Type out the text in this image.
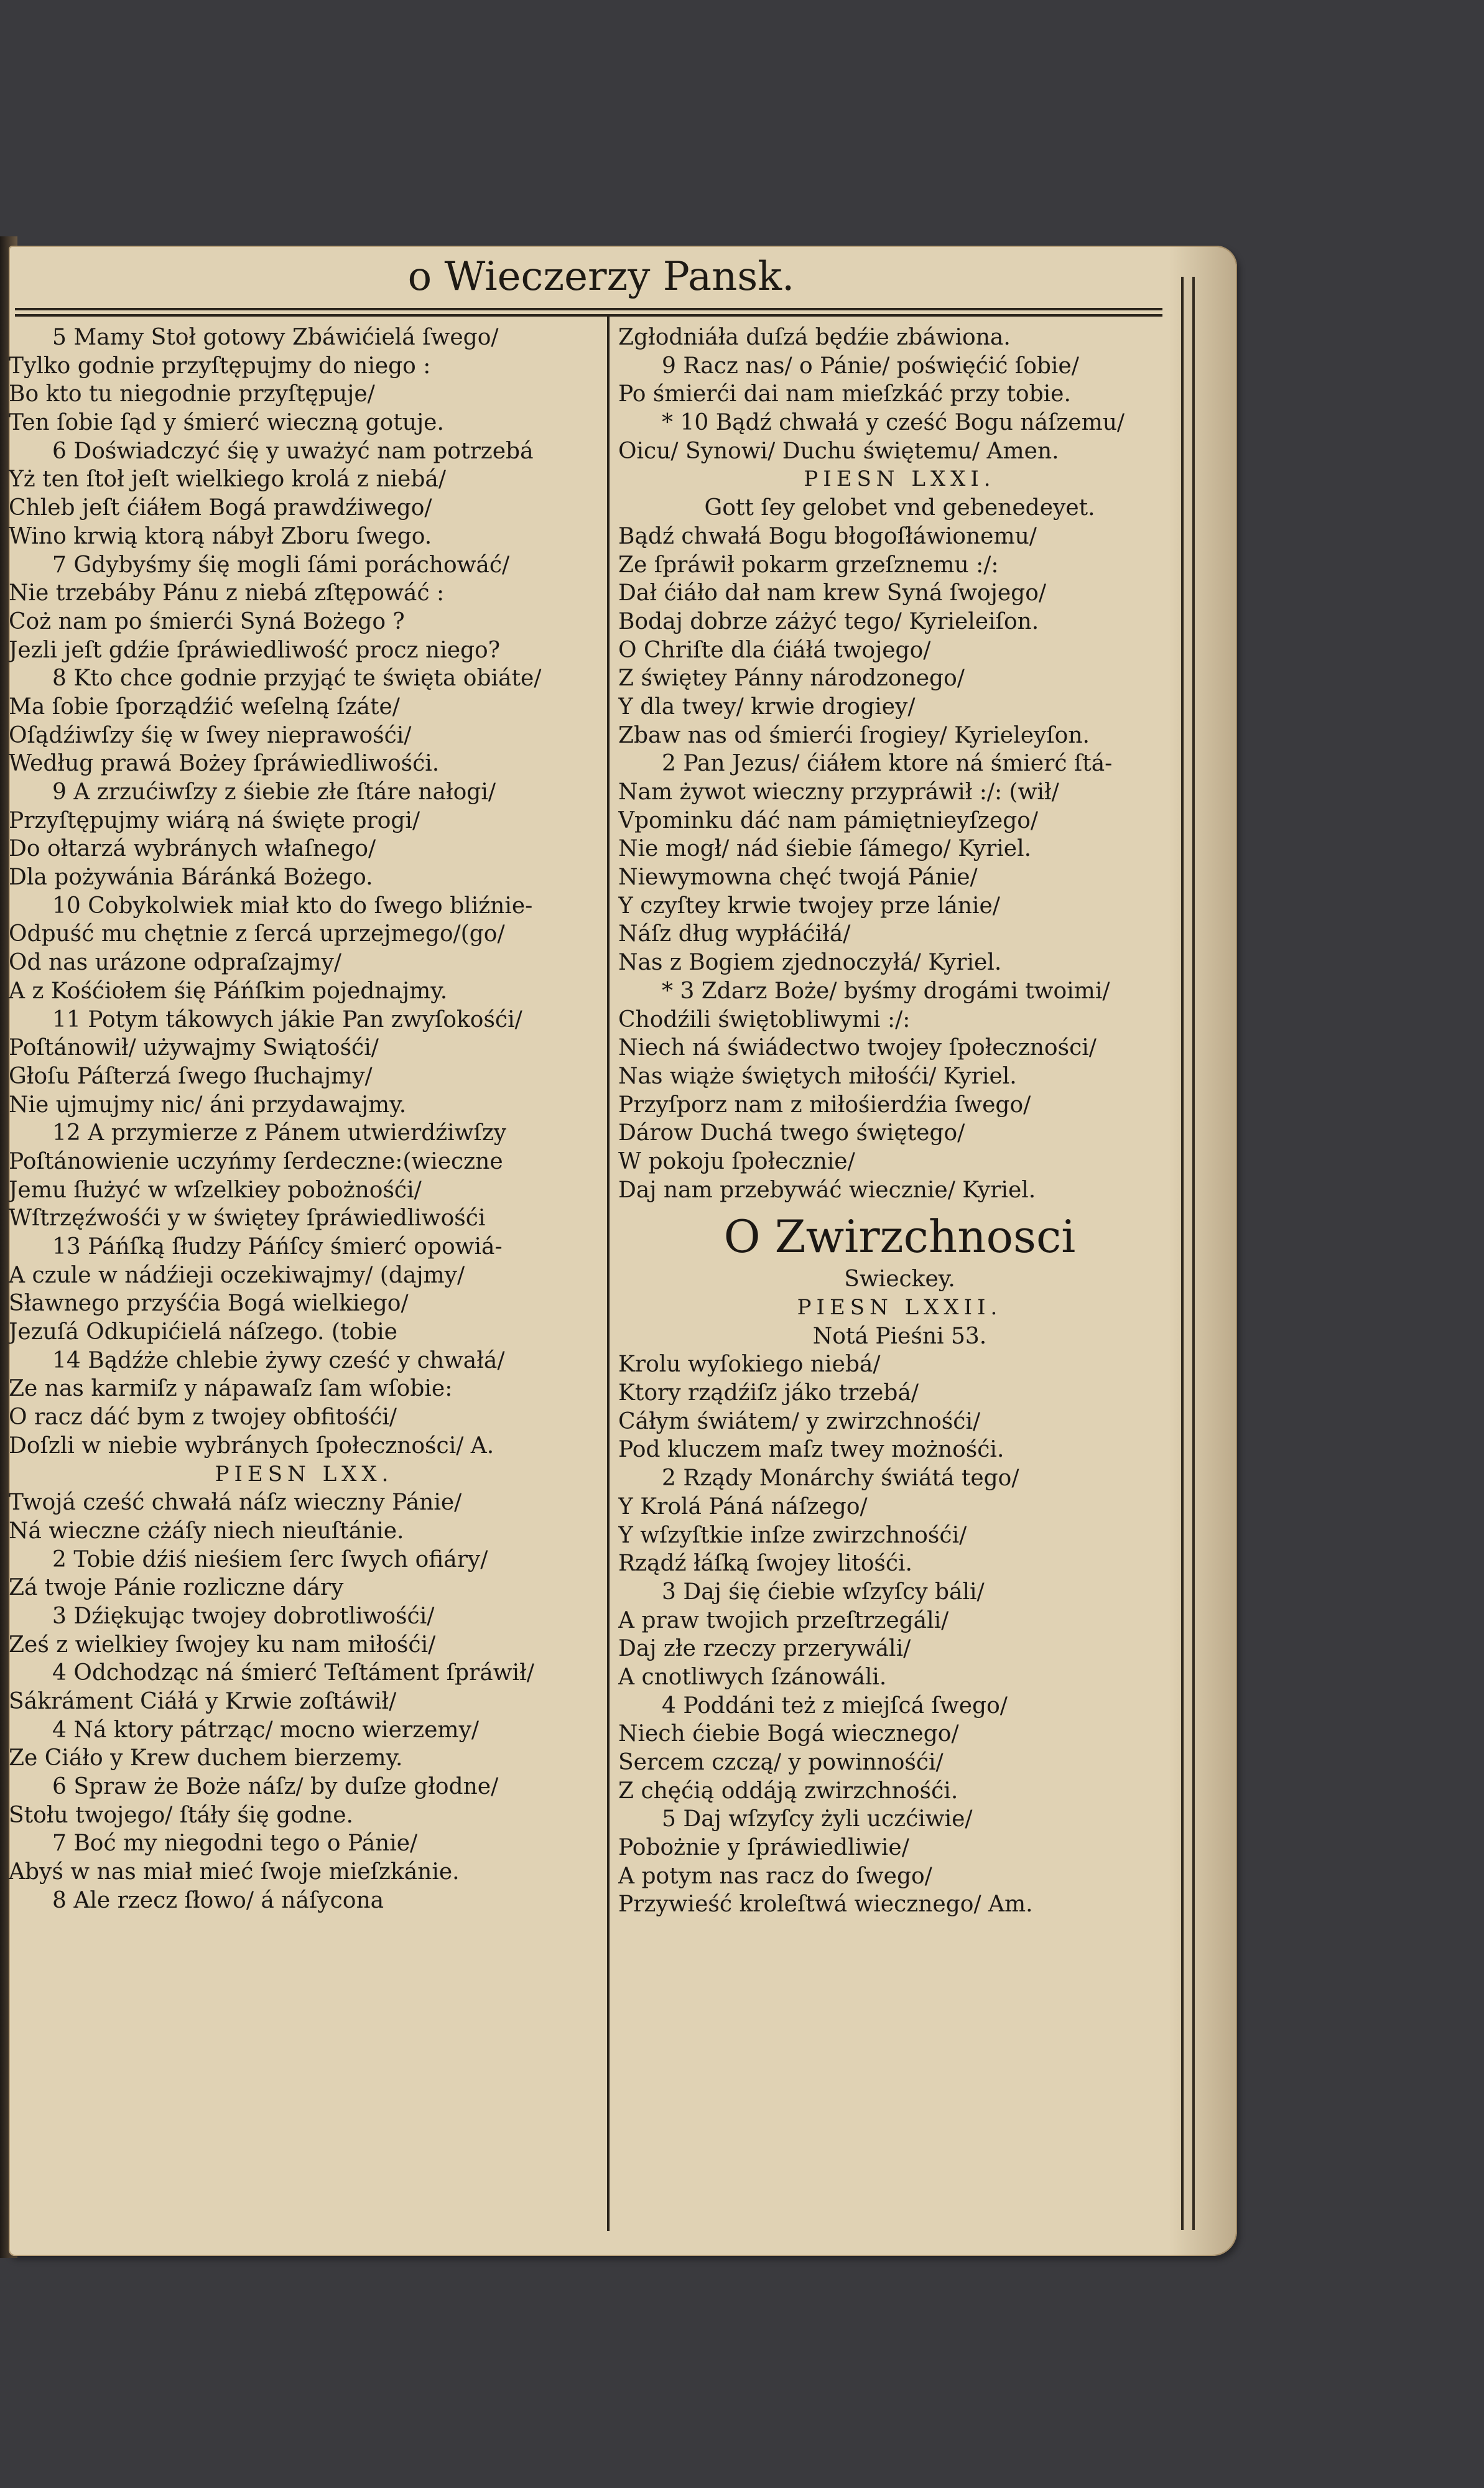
o Wieczerzy Pansk.
5 Mamy Stoł gotowy Zbáwićielá ſwego/
Tylko godnie przyſtępujmy do niego :
Bo kto tu niegodnie przyſtępuje/
Ten ſobie ſąd y śmierć wieczną gotuje.
6 Doświadczyć śię y uważyć nam potrzebá
Yż ten ſtoł jeſt wielkiego krolá z niebá/
Chleb jeſt ćiáłem Bogá prawdźiwego/
Wino krwią ktorą nábył Zboru ſwego.
7 Gdybyśmy śię mogli ſámi poráchowáć/
Nie trzebáby Pánu z niebá zſtępowáć :
Coż nam po śmierći Syná Bożego ?
Jezli jeſt gdźie ſpráwiedliwość procz niego?
8 Kto chce godnie przyjąć te święta obiáte/
Ma ſobie ſporządźić weſelną ſzáte/
Oſądźiwſzy śię w ſwey nieprawośći/
Według prawá Bożey ſpráwiedliwośći.
9 A zrzućiwſzy z śiebie złe ſtáre nałogi/
Przyſtępujmy wiárą ná święte progi/
Do ołtarzá wybránych właſnego/
Dla pożywánia Báránká Bożego.
10 Cobykolwiek miał kto do ſwego bliźnie-
Odpuść mu chętnie z ſercá uprzejmego/(go/
Od nas urázone odpraſzajmy/
A z Kośćiołem śię Páńſkim pojednajmy.
11 Potym tákowych jákie Pan zwyſokośći/
Poſtánowił/ używajmy Swiątośći/
Głoſu Páſterzá ſwego ſłuchajmy/
Nie ujmujmy nic/ áni przydawajmy.
12 A przymierze z Pánem utwierdźiwſzy
Poſtánowienie uczyńmy ſerdeczne:(wieczne
Jemu ſłużyć w wſzelkiey pobożnośći/
Wſtrzęźwośći y w świętey ſpráwiedliwośći
13 Páńſką ſłudzy Páńſcy śmierć opowiá-
A czule w nádźieji oczekiwajmy/ (dajmy/
Sławnego przyśćia Bogá wielkiego/
Jezuſá Odkupićielá náſzego. (tobie
14 Bądźże chlebie żywy cześć y chwałá/
Ze nas karmiſz y nápawaſz ſam wſobie:
O racz dáć bym z twojey obfitośći/
Doſzli w niebie wybránych ſpołeczności/ A.
PIESN LXX.
Twojá cześć chwałá náſz wieczny Pánie/
Ná wieczne cżáſy niech nieuſtánie.
2 Tobie dźiś nieśiem ſerc ſwych ofiáry/
Zá twoje Pánie rozliczne dáry
3 Dźiękując twojey dobrotliwośći/
Ześ z wielkiey ſwojey ku nam miłośći/
4 Odchodząc ná śmierć Teſtáment ſpráwił/
Sákráment Ciáłá y Krwie zoſtáwił/
4 Ná ktory pátrząc/ mocno wierzemy/
Ze Ciáło y Krew duchem bierzemy.
6 Spraw że Boże náſz/ by duſze głodne/
Stołu twojego/ ſtáły śię godne.
7 Boć my niegodni tego o Pánie/
Abyś w nas miał mieć ſwoje mieſzkánie.
8 Ale rzecz ſłowo/ á náſycona
Zgłodniáła duſzá będźie zbáwiona.
9 Racz nas/ o Pánie/ poświęćić ſobie/
Po śmierći dai nam mieſzkáć przy tobie.
* 10 Bądź chwałá y cześć Bogu náſzemu/
Oicu/ Synowi/ Duchu świętemu/ Amen.
PIESN LXXI.
Gott ſey gelobet vnd gebenedeyet.
Bądź chwałá Bogu błogoſłáwionemu/
Ze ſpráwił pokarm grzeſznemu :/:
Dał ćiáło dał nam krew Syná ſwojego/
Bodaj dobrze záżyć tego/ Kyrieleiſon.
O Chriſte dla ćiáłá twojego/
Z świętey Pánny národzonego/
Y dla twey/ krwie drogiey/
Zbaw nas od śmierći ſrogiey/ Kyrieleyſon.
2 Pan Jezus/ ćiáłem ktore ná śmierć ſtá-
Nam żywot wieczny przypráwił :/: (wił/
Vpominku dáć nam pámiętnieyſzego/
Nie mogł/ nád śiebie ſámego/ Kyriel.
Niewymowna chęć twojá Pánie/
Y czyſtey krwie twojey prze lánie/
Náſz dług wypłáćiłá/
Nas z Bogiem zjednoczyłá/ Kyriel.
* 3 Zdarz Boże/ byśmy drogámi twoimi/
Chodźili świętobliwymi :/:
Niech ná świádectwo twojey ſpołeczności/
Nas wiąże świętych miłośći/ Kyriel.
Przyſporz nam z miłośierdźia ſwego/
Dárow Duchá twego świętego/
W pokoju ſpołecznie/
Daj nam przebywáć wiecznie/ Kyriel.
O Zwirzchnosci
Swieckey.
PIESN LXXII.
Notá Pieśni 53.
Krolu wyſokiego niebá/
Ktory rządźiſz jáko trzebá/
Cáłym świátem/ y zwirzchnośći/
Pod kluczem maſz twey możnośći.
2 Rządy Monárchy świátá tego/
Y Krolá Páná náſzego/
Y wſzyſtkie inſze zwirzchnośći/
Rządź łáſką ſwojey litośći.
3 Daj śię ćiebie wſzyſcy báli/
A praw twojich przeſtrzegáli/
Daj złe rzeczy przerywáli/
A cnotliwych ſzánowáli.
4 Poddáni też z miejſcá ſwego/
Niech ćiebie Bogá wiecznego/
Sercem czczą/ y powinnośći/
Z chęćią oddáją zwirzchnośći.
5 Daj wſzyſcy żyli uczćiwie/
Pobożnie y ſpráwiedliwie/
A potym nas racz do ſwego/
Przywieść kroleſtwá wiecznego/ Am.
